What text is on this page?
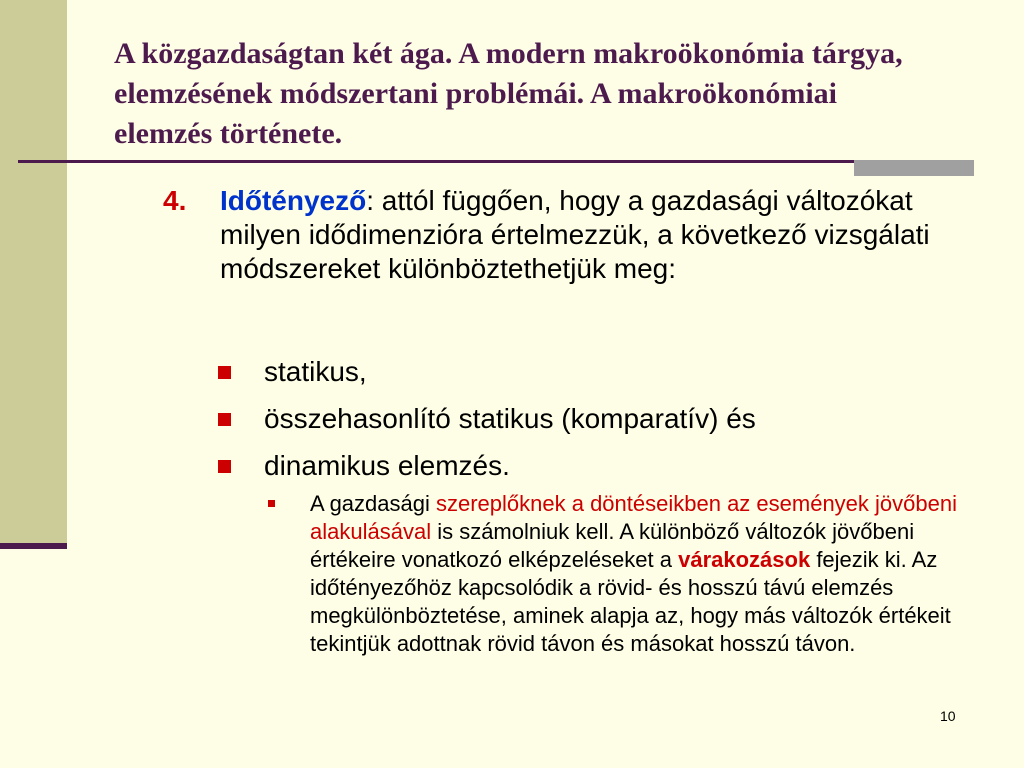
A közgazdaságtan két ága. A modern makroökonómia tárgya, elemzésének módszertani problémái. A makroökonómiai elemzés története.
4. Időtényező: attól függően, hogy a gazdasági változókat milyen idődimenzióra értelmezzük, a következő vizsgálati módszereket különböztethetjük meg:
statikus,
összehasonlító statikus (komparatív) és
dinamikus elemzés.
A gazdasági szereplőknek a döntéseikben az események jövőbeni alakulásával is számolniuk kell. A különböző változók jövőbeni értékeire vonatkozó elképzeléseket a várakozások fejezik ki. Az időtényezőhöz kapcsolódik a rövid- és hosszú távú elemzés megkülönböztetése, aminek alapja az, hogy más változók értékeit tekintjük adottnak rövid távon és másokat hosszú távon.
10
